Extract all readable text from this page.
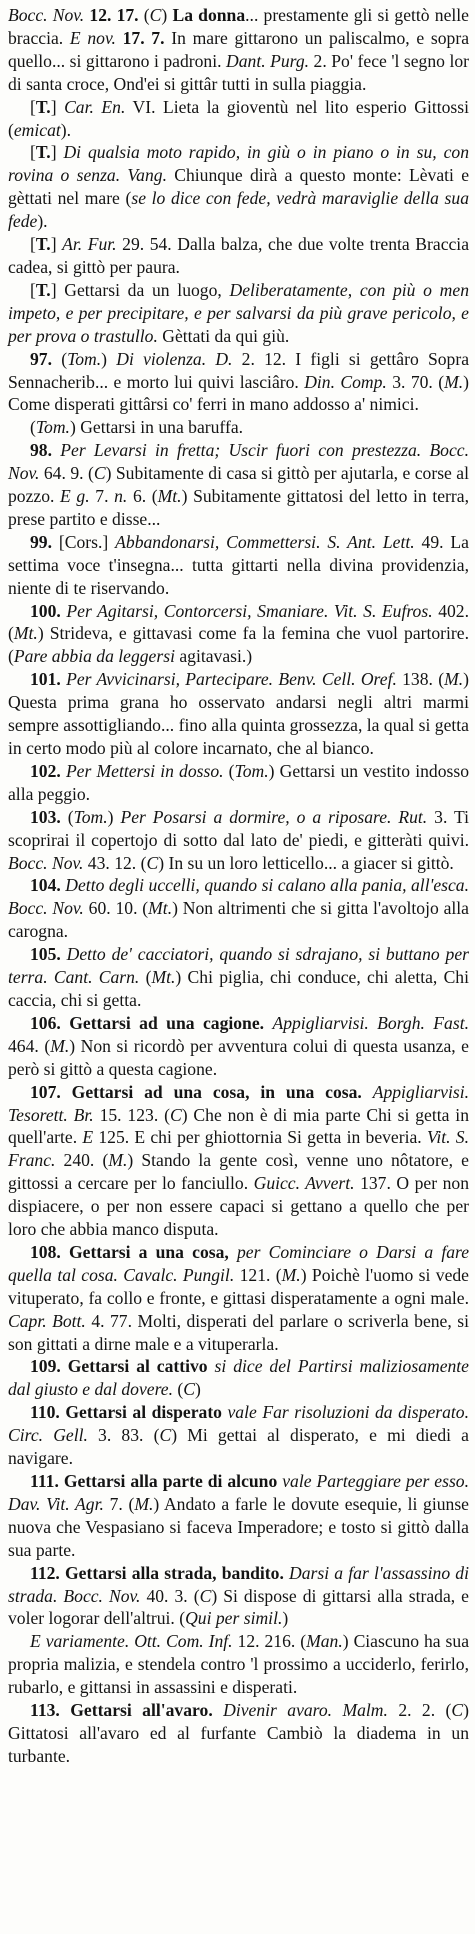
Bocc. Nov. 12. 17. (C) La donna... prestamente gli si gettò nelle braccia. E nov. 17. 7. In mare gittarono un paliscalmo, e sopra quello... si gittarono i padroni. Dant. Purg. 2. Po' fece 'l segno lor di santa croce, Ond'ei si gittâr tutti in sulla piaggia.

[T.] Car. En. VI. Lieta la gioventù nel lito esperio Gittossi (emicat).

[T.] Di qualsia moto rapido, in giù o in piano o in su, con rovina o senza. Vang. Chiunque dirà a questo monte: Lèvati e gèttati nel mare (se lo dice con fede, vedrà maraviglie della sua fede).

[T.] Ar. Fur. 29. 54. Dalla balza, che due volte trenta Braccia cadea, si gittò per paura.

[T.] Gettarsi da un luogo, Deliberatamente, con più o men impeto, e per precipitare, e per salvarsi da più grave pericolo, e per prova o trastullo. Gèttati da qui giù.

97. (Tom.) Di violenza. D. 2. 12. I figli si gettâro Sopra Sennacherib... e morto lui quivi lasciâro. Din. Comp. 3. 70. (M.) Come disperati gittârsi co' ferri in mano addosso a' nimici.

(Tom.) Gettarsi in una baruffa.

98. Per Levarsi in fretta; Uscir fuori con prestezza. Bocc. Nov. 64. 9. (C) Subitamente di casa si gittò per ajutarla, e corse al pozzo. E g. 7. n. 6. (Mt.) Subitamente gittatosi del letto in terra, prese partito e disse...

99. [Cors.] Abbandonarsi, Commettersi. S. Ant. Lett. 49. La settima voce t'insegna... tutta gittarti nella divina providenzia, niente di te riservando.

100. Per Agitarsi, Contorcersi, Smaniare. Vit. S. Eufros. 402. (Mt.) Strideva, e gittavasi come fa la femina che vuol partorire. (Pare abbia da leggersi agitavasi.)

101. Per Avvicinarsi, Partecipare. Benv. Cell. Oref. 138. (M.) Questa prima grana ho osservato andarsi negli altri marmi sempre assottigliando... fino alla quinta grossezza, la qual si getta in certo modo più al colore incarnato, che al bianco.

102. Per Mettersi in dosso. (Tom.) Gettarsi un vestito indosso alla peggio.

103. (Tom.) Per Posarsi a dormire, o a riposare. Rut. 3. Ti scoprirai il copertojo di sotto dal lato de' piedi, e gitteràti quivi. Bocc. Nov. 43. 12. (C) In su un loro letticello... a giacer si gittò.

104. Detto degli uccelli, quando si calano alla pania, all'esca. Bocc. Nov. 60. 10. (Mt.) Non altrimenti che si gitta l'avoltojo alla carogna.

105. Detto de' cacciatori, quando si sdrajano, si buttano per terra. Cant. Carn. (Mt.) Chi piglia, chi conduce, chi aletta, Chi caccia, chi si getta.

106. Gettarsi ad una cagione. Appigliarvisi. Borgh. Fast. 464. (M.) Non si ricordò per avventura colui di questa usanza, e però si gittò a questa cagione.

107. Gettarsi ad una cosa, in una cosa. Appigliarvisi. Tesorett. Br. 15. 123. (C) Che non è di mia parte Chi si getta in quell'arte. E 125. E chi per ghiottornia Si getta in beveria. Vit. S. Franc. 240. (M.) Stando la gente così, venne uno nôtatore, e gittossi a cercare per lo fanciullo. Guicc. Avvert. 137. O per non dispiacere, o per non essere capaci si gettano a quello che per loro che abbia manco disputa.

108. Gettarsi a una cosa, per Cominciare o Darsi a fare quella tal cosa. Cavalc. Pungil. 121. (M.) Poichè l'uomo si vede vituperato, fa collo e fronte, e gittasi disperatamente a ogni male. Capr. Bott. 4. 77. Molti, disperati del parlare o scriverla bene, si son gittati a dirne male e a vituperarla.

109. Gettarsi al cattivo si dice del Partirsi maliziosamente dal giusto e dal dovere. (C)

110. Gettarsi al disperato vale Far risoluzioni da disperato. Circ. Gell. 3. 83. (C) Mi gettai al disperato, e mi diedi a navigare.

111. Gettarsi alla parte di alcuno vale Parteggiare per esso. Dav. Vit. Agr. 7. (M.) Andato a farle le dovute esequie, li giunse nuova che Vespasiano si faceva Imperadore; e tosto si gittò dalla sua parte.

112. Gettarsi alla strada, bandito. Darsi a far l'assassino di strada. Bocc. Nov. 40. 3. (C) Si dispose di gittarsi alla strada, e voler logorar dell'altrui. (Qui per simil.)

E variamente. Ott. Com. Inf. 12. 216. (Man.) Ciascuno ha sua propria malizia, e stendela contro 'l prossimo a ucciderlo, ferirlo, rubarlo, e gittansi in assassini e disperati.

113. Gettarsi all'avaro. Divenir avaro. Malm. 2. 2. (C) Gittatosi all'avaro ed al furfante Cambiò la diadema in un turbante.
